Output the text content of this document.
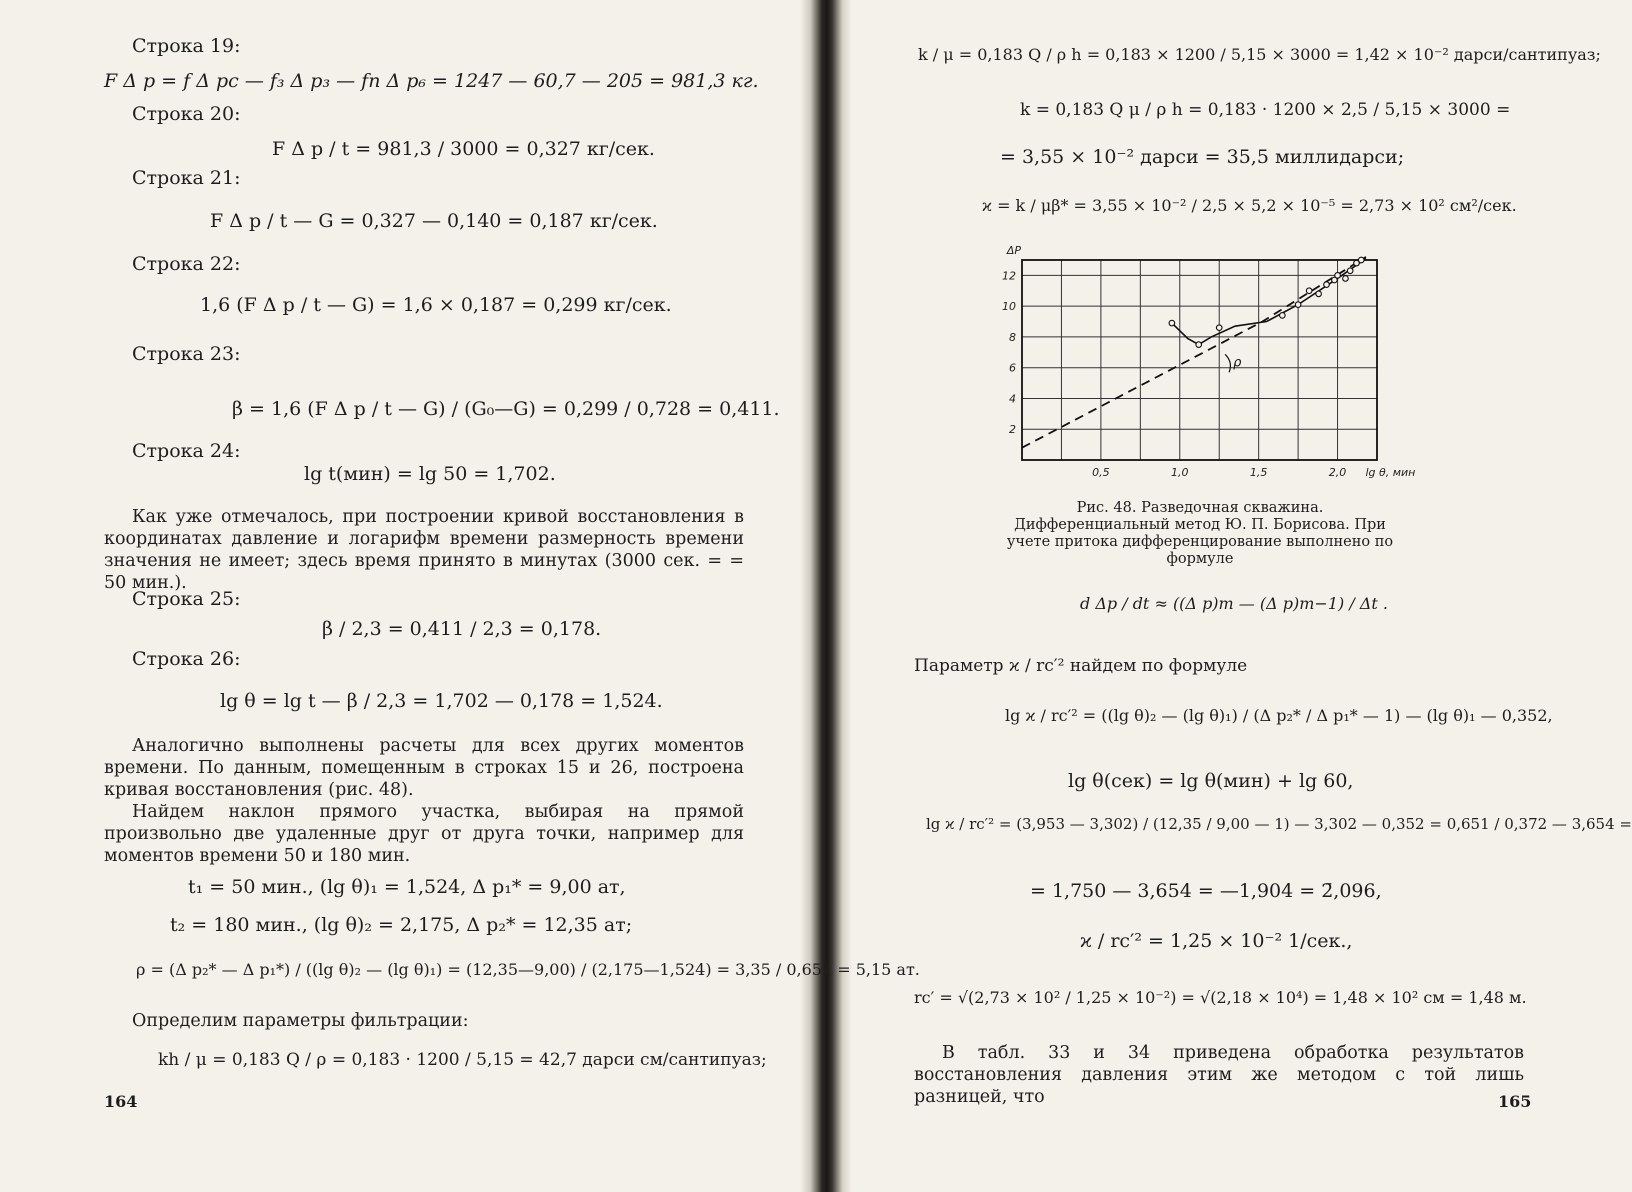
Строка 19:
F Δ p = f Δ pс — f₃ Δ p₃ — fп Δ p₆ = 1247 — 60,7 — 205 = 981,3 кг.
Строка 20:
F Δ p / t = 981,3 / 3000 = 0,327 кг/сек.
Строка 21:
F Δ p / t — G = 0,327 — 0,140 = 0,187 кг/сек.
Строка 22:
1,6 (F Δ p / t — G) = 1,6 × 0,187 = 0,299 кг/сек.
Строка 23:
β = 1,6 (F Δ p / t — G) / (G₀—G) = 0,299 / 0,728 = 0,411.
Строка 24:
lg t(мин) = lg 50 = 1,702.
Как уже отмечалось, при построении кривой восстановления в координатах давление и логарифм времени размерность времени значения не имеет; здесь время принято в минутах (3000 сек. = = 50 мин.).
Строка 25:
β / 2,3 = 0,411 / 2,3 = 0,178.
Строка 26:
lg θ = lg t — β / 2,3 = 1,702 — 0,178 = 1,524.
Аналогично выполнены расчеты для всех других моментов времени. По данным, помещенным в строках 15 и 26, построена кривая восстановления (рис. 48).
Найдем наклон прямого участка, выбирая на прямой произвольно две удаленные друг от друга точки, например для моментов времени 50 и 180 мин.
t₁ = 50 мин., (lg θ)₁ = 1,524, Δ p₁* = 9,00 ат,
t₂ = 180 мин., (lg θ)₂ = 2,175, Δ p₂* = 12,35 ат;
ρ = (Δ p₂* — Δ p₁*) / ((lg θ)₂ — (lg θ)₁) = (12,35—9,00) / (2,175—1,524) = 3,35 / 0,651 = 5,15 ат.
Определим параметры фильтрации:
kh / μ = 0,183 Q / ρ = 0,183 · 1200 / 5,15 = 42,7 дарси см/сантипуаз;
164
k / μ = 0,183 Q / ρ h = 0,183 × 1200 / 5,15 × 3000 = 1,42 × 10⁻² дарси/сантипуаз;
k = 0,183 Q μ / ρ h = 0,183 · 1200 × 2,5 / 5,15 × 3000 =
= 3,55 × 10⁻² дарси = 35,5 миллидарси;
ϰ = k / μβ* = 3,55 × 10⁻² / 2,5 × 5,2 × 10⁻⁵ = 2,73 × 10² см²/сек.
2
4
6
8
10
12
0,5	1,0	1,5	2,0
ΔP
lg θ, мин
ρ
Рис. 48. Разведочная скважина. Дифференциальный метод Ю. П. Борисова. При учете притока дифференцирование выполнено по формуле
d Δp / dt ≈ ((Δ p)m — (Δ p)m−1) / Δt .
Параметр ϰ / rс′² найдем по формуле
lg ϰ / rс′² = ((lg θ)₂ — (lg θ)₁) / (Δ p₂* / Δ p₁* — 1) — (lg θ)₁ — 0,352,
lg θ(сек) = lg θ(мин) + lg 60,
lg ϰ / rс′² = (3,953 — 3,302) / (12,35 / 9,00 — 1) — 3,302 — 0,352 = 0,651 / 0,372 — 3,654 =
= 1,750 — 3,654 = —1,904 = 2̄,096,
ϰ / rс′² = 1,25 × 10⁻² 1/сек.,
rс′ = √(2,73 × 10² / 1,25 × 10⁻²) = √(2,18 × 10⁴) = 1,48 × 10² см = 1,48 м.
В табл. 33 и 34 приведена обработка результатов восстановления давления этим же методом с той лишь разницей, что	165
